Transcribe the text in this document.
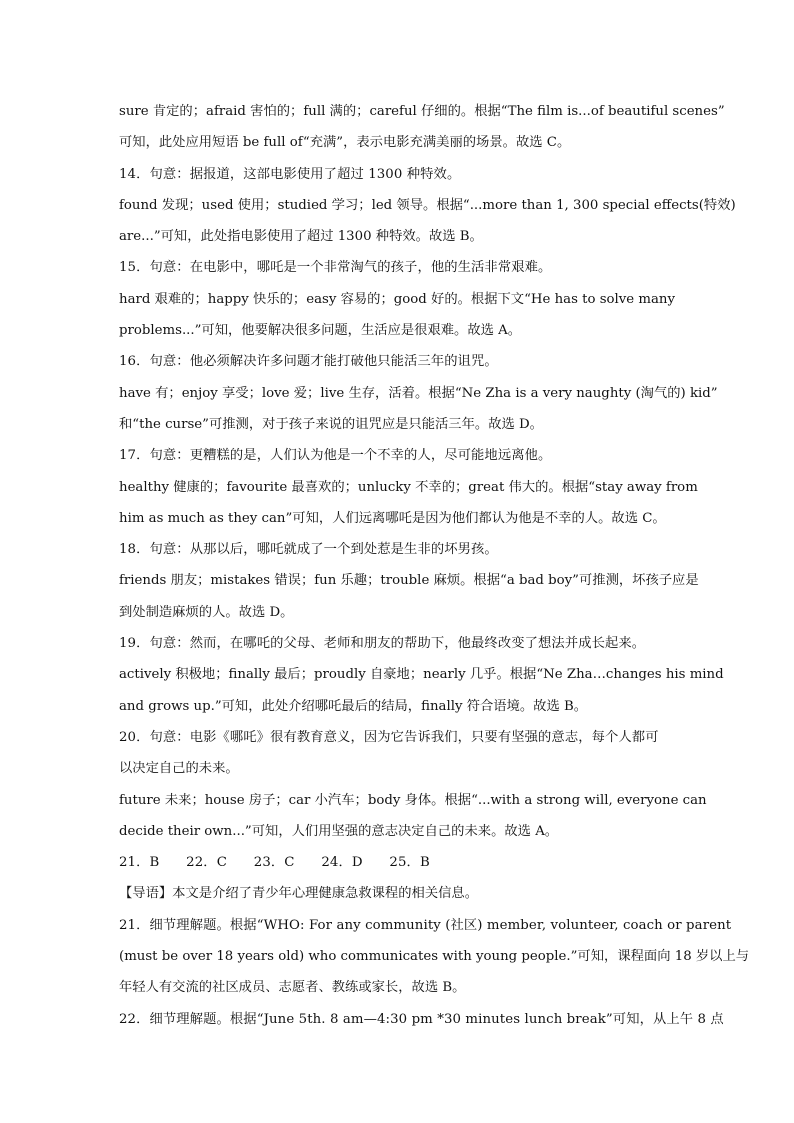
sure 肯定的；afraid 害怕的；full 满的；careful 仔细的。根据“The film is...of beautiful scenes”
可知，此处应用短语 be full of“充满”，表示电影充满美丽的场景。故选 C。
14．句意：据报道，这部电影使用了超过 1300 种特效。
found 发现；used 使用；studied 学习；led 领导。根据“...more than 1, 300 special effects(特效)
are...”可知，此处指电影使用了超过 1300 种特效。故选 B。
15．句意：在电影中，哪吒是一个非常淘气的孩子，他的生活非常艰难。
hard 艰难的；happy 快乐的；easy 容易的；good 好的。根据下文“He has to solve many
problems...”可知，他要解决很多问题，生活应是很艰难。故选 A。
16．句意：他必须解决许多问题才能打破他只能活三年的诅咒。
have 有；enjoy 享受；love 爱；live 生存，活着。根据“Ne Zha is a very naughty (淘气的) kid”
和“the curse”可推测，对于孩子来说的诅咒应是只能活三年。故选 D。
17．句意：更糟糕的是，人们认为他是一个不幸的人，尽可能地远离他。
healthy 健康的；favourite 最喜欢的；unlucky 不幸的；great 伟大的。根据“stay away from
him as much as they can”可知，人们远离哪吒是因为他们都认为他是不幸的人。故选 C。
18．句意：从那以后，哪吒就成了一个到处惹是生非的坏男孩。
friends 朋友；mistakes 错误；fun 乐趣；trouble 麻烦。根据“a bad boy”可推测，坏孩子应是
到处制造麻烦的人。故选 D。
19．句意：然而，在哪吒的父母、老师和朋友的帮助下，他最终改变了想法并成长起来。
actively 积极地；finally 最后；proudly 自豪地；nearly 几乎。根据“Ne Zha…changes his mind
and grows up.”可知，此处介绍哪吒最后的结局，finally 符合语境。故选 B。
20．句意：电影《哪吒》很有教育意义，因为它告诉我们，只要有坚强的意志，每个人都可
以决定自己的未来。
future 未来；house 房子；car 小汽车；body 身体。根据“...with a strong will, everyone can
decide their own...”可知，人们用坚强的意志决定自己的未来。故选 A。
21．B　　22．C　　23．C　　24．D　　25．B
【导语】本文是介绍了青少年心理健康急救课程的相关信息。
21．细节理解题。根据“WHO: For any community (社区) member, volunteer, coach or parent
(must be over 18 years old) who communicates with young people.”可知，课程面向 18 岁以上与
年轻人有交流的社区成员、志愿者、教练或家长，故选 B。
22．细节理解题。根据“June 5th. 8 am—4:30 pm *30 minutes lunch break”可知，从上午 8 点
